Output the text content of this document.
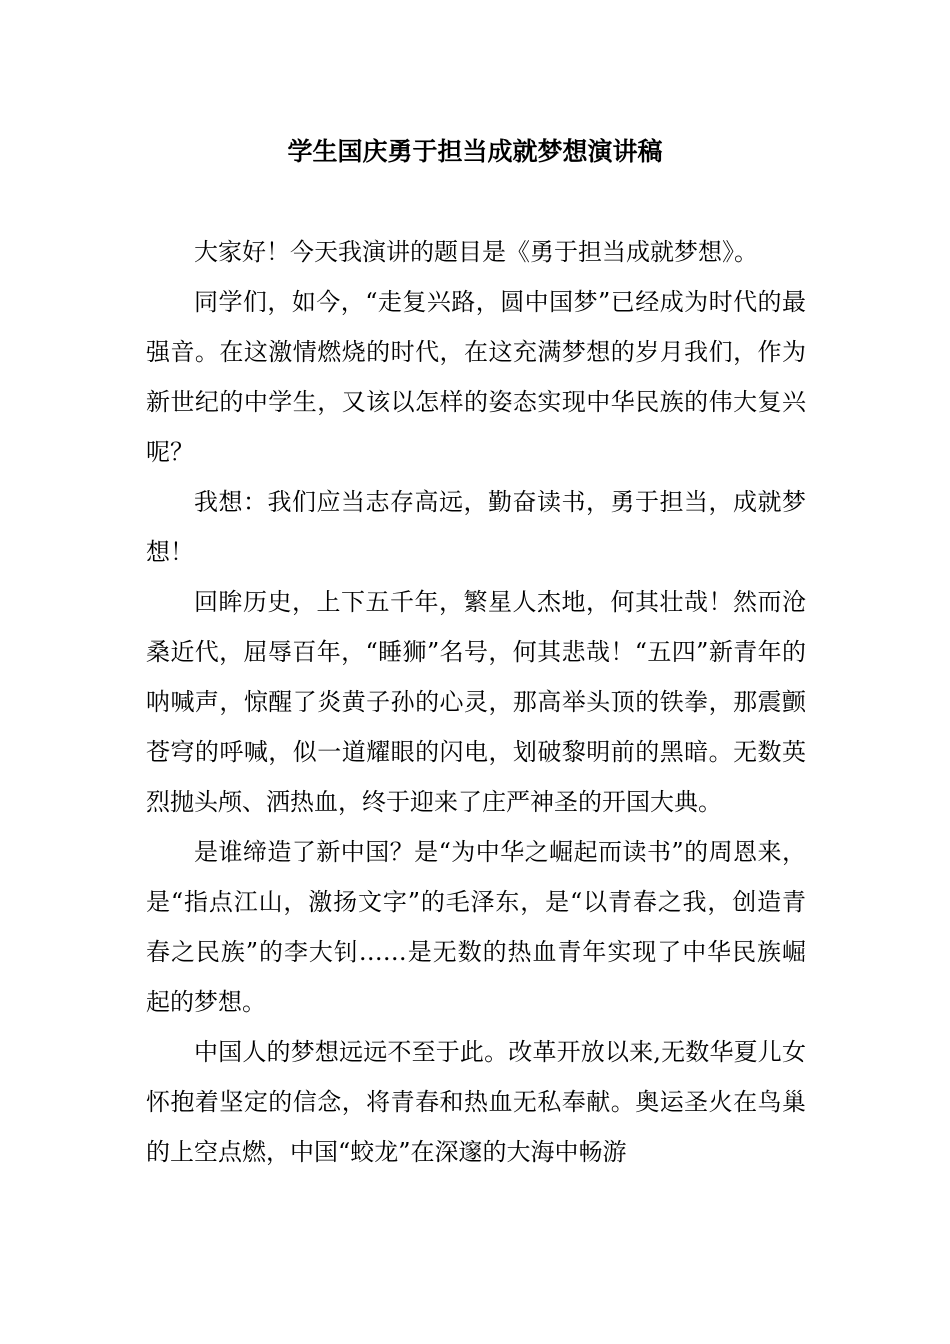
学生国庆勇于担当成就梦想演讲稿

大家好！今天我演讲的题目是《勇于担当成就梦想》。

同学们，如今，“走复兴路，圆中国梦”已经成为时代的最强音。在这激情燃烧的时代，在这充满梦想的岁月我们，作为新世纪的中学生，又该以怎样的姿态实现中华民族的伟大复兴呢？

我想：我们应当志存高远，勤奋读书，勇于担当，成就梦想！

回眸历史，上下五千年，繁星人杰地，何其壮哉！然而沧桑近代，屈辱百年，“睡狮”名号，何其悲哉！“五四”新青年的呐喊声，惊醒了炎黄子孙的心灵，那高举头顶的铁拳，那震颤苍穹的呼喊，似一道耀眼的闪电，划破黎明前的黑暗。无数英烈抛头颅、洒热血，终于迎来了庄严神圣的开国大典。

是谁缔造了新中国？是“为中华之崛起而读书”的周恩来，是“指点江山，激扬文字”的毛泽东，是“以青春之我，创造青春之民族”的李大钊……是无数的热血青年实现了中华民族崛起的梦想。

中国人的梦想远远不至于此。改革开放以来,无数华夏儿女怀抱着坚定的信念，将青春和热血无私奉献。奥运圣火在鸟巢的上空点燃，中国“蛟龙”在深邃的大海中畅游
